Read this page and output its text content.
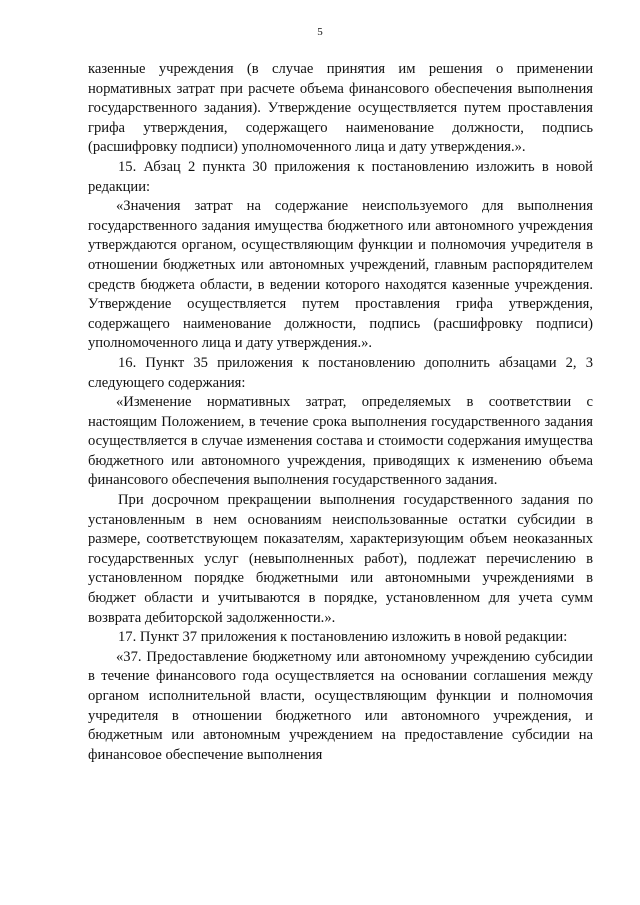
5

казенные учреждения (в случае принятия им решения о применении нормативных затрат при расчете объема финансового обеспечения выполнения государственного задания). Утверждение осуществляется путем проставления грифа утверждения, содержащего наименование должности, подпись (расшифровку подписи) уполномоченного лица и дату утверждения.».

15. Абзац 2 пункта 30 приложения к постановлению изложить в новой редакции:

«Значения затрат на содержание неиспользуемого для выполнения государственного задания имущества бюджетного или автономного учреждения утверждаются органом, осуществляющим функции и полномочия учредителя в отношении бюджетных или автономных учреждений, главным распорядителем средств бюджета области, в ведении которого находятся казенные учреждения. Утверждение осуществляется путем проставления грифа утверждения, содержащего наименование должности, подпись (расшифровку подписи) уполномоченного лица и дату утверждения.».

16. Пункт 35 приложения к постановлению дополнить абзацами 2, 3 следующего содержания:

«Изменение нормативных затрат, определяемых в соответствии с настоящим Положением, в течение срока выполнения государственного задания осуществляется в случае изменения состава и стоимости содержания имущества бюджетного или автономного учреждения, приводящих к изменению объема финансового обеспечения выполнения государственного задания.

При досрочном прекращении выполнения государственного задания по установленным в нем основаниям неиспользованные остатки субсидии в размере, соответствующем показателям, характеризующим объем неоказанных государственных услуг (невыполненных работ), подлежат перечислению в установленном порядке бюджетными или автономными учреждениями в бюджет области и учитываются в порядке, установленном для учета сумм возврата дебиторской задолженности.».

17. Пункт 37 приложения к постановлению изложить в новой редакции:

«37. Предоставление бюджетному или автономному учреждению субсидии в течение финансового года осуществляется на основании соглашения между органом исполнительной власти, осуществляющим функции и полномочия учредителя в отношении бюджетного или автономного учреждения, и бюджетным или автономным учреждением на предоставление субсидии на финансовое обеспечение выполнения
